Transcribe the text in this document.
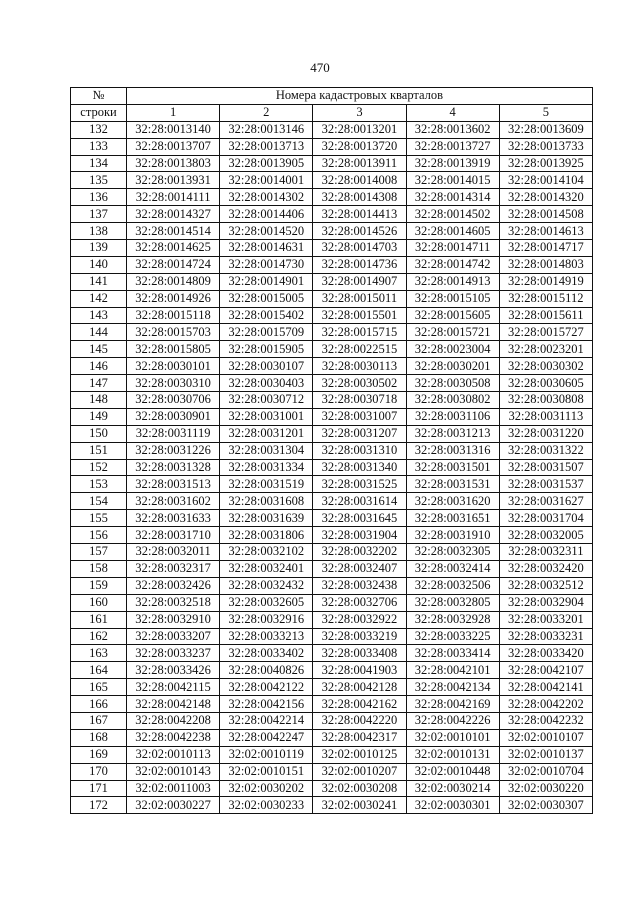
470
№	Номера кадастровых кварталов				
строки	1	2	3	4	5
132	32:28:0013140	32:28:0013146	32:28:0013201	32:28:0013602	32:28:0013609
133	32:28:0013707	32:28:0013713	32:28:0013720	32:28:0013727	32:28:0013733
134	32:28:0013803	32:28:0013905	32:28:0013911	32:28:0013919	32:28:0013925
135	32:28:0013931	32:28:0014001	32:28:0014008	32:28:0014015	32:28:0014104
136	32:28:0014111	32:28:0014302	32:28:0014308	32:28:0014314	32:28:0014320
137	32:28:0014327	32:28:0014406	32:28:0014413	32:28:0014502	32:28:0014508
138	32:28:0014514	32:28:0014520	32:28:0014526	32:28:0014605	32:28:0014613
139	32:28:0014625	32:28:0014631	32:28:0014703	32:28:0014711	32:28:0014717
140	32:28:0014724	32:28:0014730	32:28:0014736	32:28:0014742	32:28:0014803
141	32:28:0014809	32:28:0014901	32:28:0014907	32:28:0014913	32:28:0014919
142	32:28:0014926	32:28:0015005	32:28:0015011	32:28:0015105	32:28:0015112
143	32:28:0015118	32:28:0015402	32:28:0015501	32:28:0015605	32:28:0015611
144	32:28:0015703	32:28:0015709	32:28:0015715	32:28:0015721	32:28:0015727
145	32:28:0015805	32:28:0015905	32:28:0022515	32:28:0023004	32:28:0023201
146	32:28:0030101	32:28:0030107	32:28:0030113	32:28:0030201	32:28:0030302
147	32:28:0030310	32:28:0030403	32:28:0030502	32:28:0030508	32:28:0030605
148	32:28:0030706	32:28:0030712	32:28:0030718	32:28:0030802	32:28:0030808
149	32:28:0030901	32:28:0031001	32:28:0031007	32:28:0031106	32:28:0031113
150	32:28:0031119	32:28:0031201	32:28:0031207	32:28:0031213	32:28:0031220
151	32:28:0031226	32:28:0031304	32:28:0031310	32:28:0031316	32:28:0031322
152	32:28:0031328	32:28:0031334	32:28:0031340	32:28:0031501	32:28:0031507
153	32:28:0031513	32:28:0031519	32:28:0031525	32:28:0031531	32:28:0031537
154	32:28:0031602	32:28:0031608	32:28:0031614	32:28:0031620	32:28:0031627
155	32:28:0031633	32:28:0031639	32:28:0031645	32:28:0031651	32:28:0031704
156	32:28:0031710	32:28:0031806	32:28:0031904	32:28:0031910	32:28:0032005
157	32:28:0032011	32:28:0032102	32:28:0032202	32:28:0032305	32:28:0032311
158	32:28:0032317	32:28:0032401	32:28:0032407	32:28:0032414	32:28:0032420
159	32:28:0032426	32:28:0032432	32:28:0032438	32:28:0032506	32:28:0032512
160	32:28:0032518	32:28:0032605	32:28:0032706	32:28:0032805	32:28:0032904
161	32:28:0032910	32:28:0032916	32:28:0032922	32:28:0032928	32:28:0033201
162	32:28:0033207	32:28:0033213	32:28:0033219	32:28:0033225	32:28:0033231
163	32:28:0033237	32:28:0033402	32:28:0033408	32:28:0033414	32:28:0033420
164	32:28:0033426	32:28:0040826	32:28:0041903	32:28:0042101	32:28:0042107
165	32:28:0042115	32:28:0042122	32:28:0042128	32:28:0042134	32:28:0042141
166	32:28:0042148	32:28:0042156	32:28:0042162	32:28:0042169	32:28:0042202
167	32:28:0042208	32:28:0042214	32:28:0042220	32:28:0042226	32:28:0042232
168	32:28:0042238	32:28:0042247	32:28:0042317	32:02:0010101	32:02:0010107
169	32:02:0010113	32:02:0010119	32:02:0010125	32:02:0010131	32:02:0010137
170	32:02:0010143	32:02:0010151	32:02:0010207	32:02:0010448	32:02:0010704
171	32:02:0011003	32:02:0030202	32:02:0030208	32:02:0030214	32:02:0030220
172	32:02:0030227	32:02:0030233	32:02:0030241	32:02:0030301	32:02:0030307
